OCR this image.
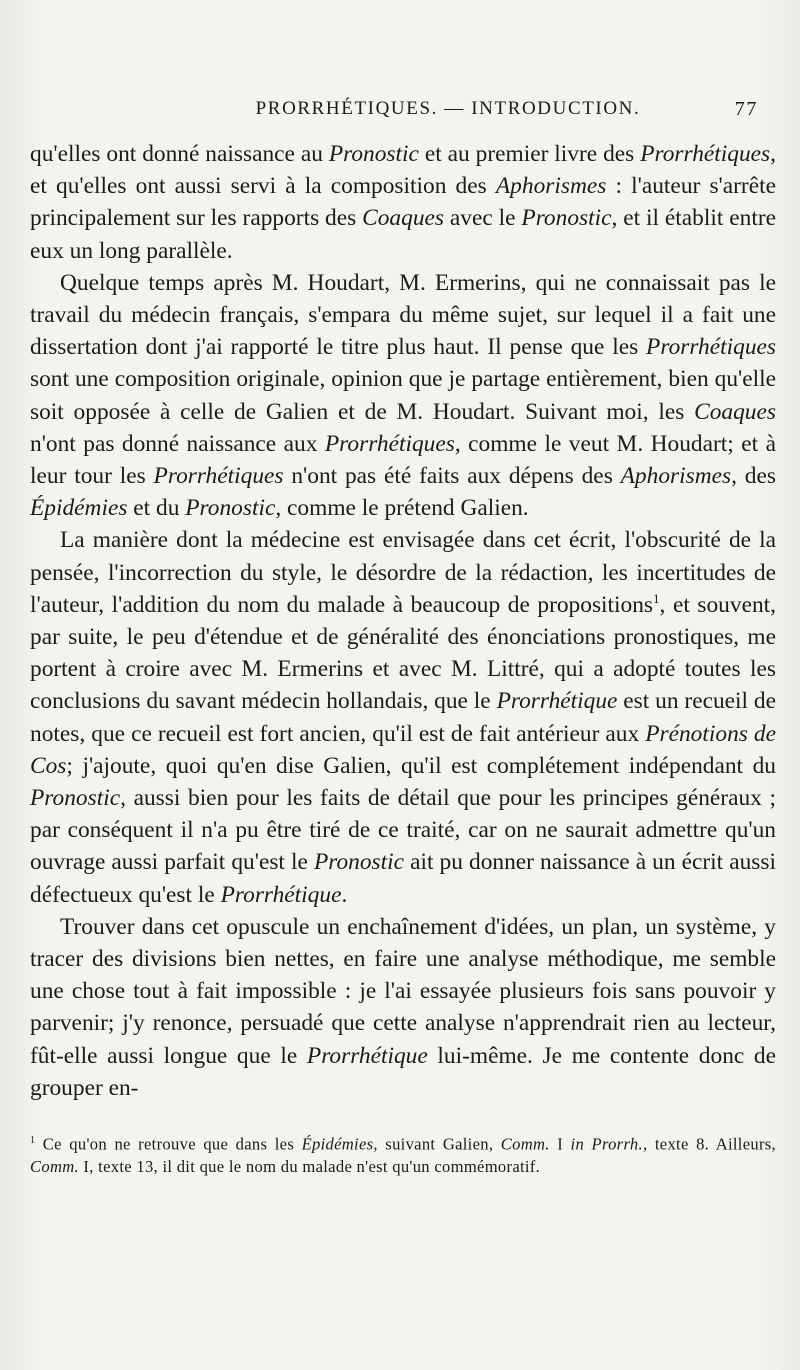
PRORRHÉTIQUES. — INTRODUCTION.	77

qu'elles ont donné naissance au Pronostic et au premier livre des Prorrhétiques, et qu'elles ont aussi servi à la composition des Aphorismes : l'auteur s'arrête principalement sur les rapports des Coaques avec le Pronostic, et il établit entre eux un long parallèle.

Quelque temps après M. Houdart, M. Ermerins, qui ne connaissait pas le travail du médecin français, s'empara du même sujet, sur lequel il a fait une dissertation dont j'ai rapporté le titre plus haut. Il pense que les Prorrhétiques sont une composition originale, opinion que je partage entièrement, bien qu'elle soit opposée à celle de Galien et de M. Houdart. Suivant moi, les Coaques n'ont pas donné naissance aux Prorrhétiques, comme le veut M. Houdart; et à leur tour les Prorrhétiques n'ont pas été faits aux dépens des Aphorismes, des Épidémies et du Pronostic, comme le prétend Galien.

La manière dont la médecine est envisagée dans cet écrit, l'obscurité de la pensée, l'incorrection du style, le désordre de la rédaction, les incertitudes de l'auteur, l'addition du nom du malade à beaucoup de propositions$^1$, et souvent, par suite, le peu d'étendue et de généralité des énonciations pronostiques, me portent à croire avec M. Ermerins et avec M. Littré, qui a adopté toutes les conclusions du savant médecin hollandais, que le Prorrhétique est un recueil de notes, que ce recueil est fort ancien, qu'il est de fait antérieur aux Prénotions de Cos; j'ajoute, quoi qu'en dise Galien, qu'il est complétement indépendant du Pronostic, aussi bien pour les faits de détail que pour les principes généraux ; par conséquent il n'a pu être tiré de ce traité, car on ne saurait admettre qu'un ouvrage aussi parfait qu'est le Pronostic ait pu donner naissance à un écrit aussi défectueux qu'est le Prorrhétique.

Trouver dans cet opuscule un enchaînement d'idées, un plan, un système, y tracer des divisions bien nettes, en faire une analyse méthodique, me semble une chose tout à fait impossible : je l'ai essayée plusieurs fois sans pouvoir y parvenir; j'y renonce, persuadé que cette analyse n'apprendrait rien au lecteur, fût-elle aussi longue que le Prorrhétique lui-même. Je me contente donc de grouper en-

$^1$ Ce qu'on ne retrouve que dans les Épidémies, suivant Galien, Comm. I in Prorrh., texte 8. Ailleurs, Comm. I, texte 13, il dit que le nom du malade n'est qu'un commémoratif.
